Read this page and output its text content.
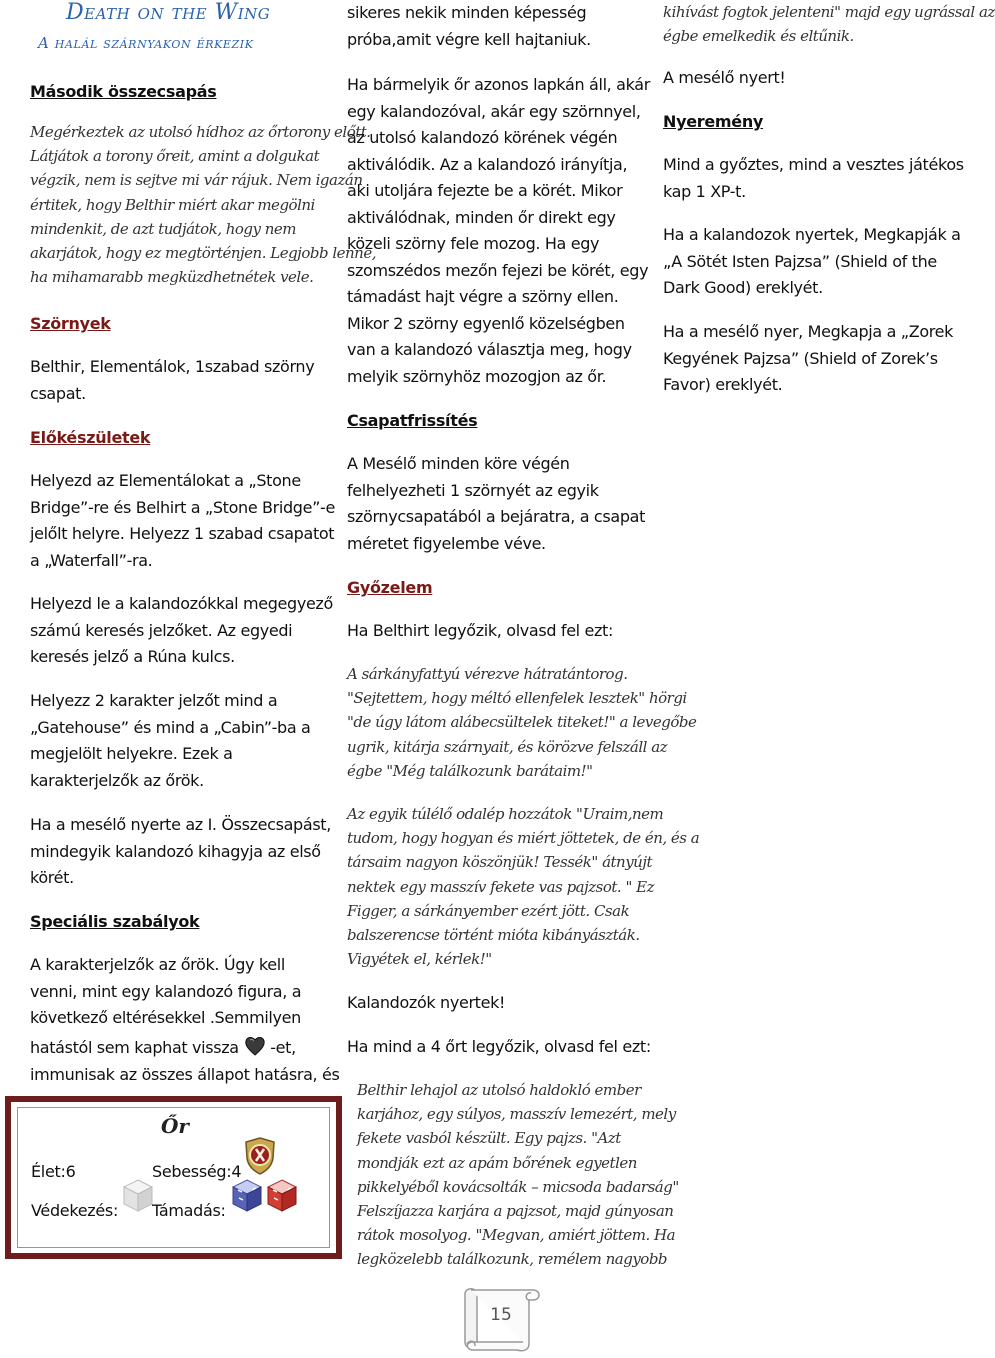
Death on the Wing
A halál szárnyakon érkezik
Második összecsapás
Megérkeztek az utolsó hídhoz az őrtorony előtt.
Látjátok a torony őreit, amint a dolgukat
végzik, nem is sejtve mi vár rájuk. Nem igazán
értitek, hogy Belthir miért akar megölni
mindenkit, de azt tudjátok, hogy nem
akarjátok, hogy ez megtörténjen. Legjobb lenne,
ha mihamarabb megküzdhetnétek vele.
Szörnyek
Belthir, Elementálok, 1szabad szörny
csapat.
Előkészületek
Helyezd az Elementálokat a „Stone
Bridge”-re és Belhirt a „Stone Bridge”-e
jelőlt helyre. Helyezz 1 szabad csapatot
a „Waterfall”-ra.
Helyezd le a kalandozókkal megegyező
számú keresés jelzőket. Az egyedi
keresés jelző a Rúna kulcs.
Helyezz 2 karakter jelzőt mind a
„Gatehouse” és mind a „Cabin”-ba a
megjelölt helyekre. Ezek a
karakterjelzők az őrök.
Ha a mesélő nyerte az I. Összecsapást,
mindegyik kalandozó kihagyja az első
körét.
Speciális szabályok
A karakterjelzők az őrök. Úgy kell
venni, mint egy kalandozó figura, a
következő eltérésekkel .Semmilyen
hatástól sem kaphat vissza -et,
immunisak az összes állapot hatásra, és
Őr
Élet:6	Sebesség:4
Védekezés: Támadás:
sikeres nekik minden képesség
próba,amit végre kell hajtaniuk.
Ha bármelyik őr azonos lapkán áll, akár
egy kalandozóval, akár egy szörnnyel,
az utolsó kalandozó körének végén
aktiválódik. Az a kalandozó irányítja,
aki utoljára fejezte be a körét. Mikor
aktiválódnak, minden őr direkt egy
közeli szörny fele mozog. Ha egy
szomszédos mezőn fejezi be körét, egy
támadást hajt végre a szörny ellen.
Mikor 2 szörny egyenlő közelségben
van a kalandozó választja meg, hogy
melyik szörnyhöz mozogjon az őr.
Csapatfrissítés
A Mesélő minden köre végén
felhelyezheti 1 szörnyét az egyik
szörnycsapatából a bejáratra, a csapat
méretet figyelembe véve.
Győzelem
Ha Belthirt legyőzik, olvasd fel ezt:
A sárkányfattyú vérezve hátratántorog.
"Sejtettem, hogy méltó ellenfelek lesztek" hörgi
"de úgy látom alábecsültelek titeket!" a levegőbe
ugrik, kitárja szárnyait, és körözve felszáll az
égbe "Még találkozunk barátaim!"
Az egyik túlélő odalép hozzátok "Uraim,nem
tudom, hogy hogyan és miért jöttetek, de én, és a
társaim nagyon köszönjük! Tessék" átnyújt
nektek egy masszív fekete vas pajzsot. " Ez
Figger, a sárkányember ezért jött. Csak
balszerencse történt mióta kibányászták.
Vigyétek el, kérlek!"
Kalandozók nyertek!
Ha mind a 4 őrt legyőzik, olvasd fel ezt:
Belthir lehajol az utolsó haldokló ember
karjához, egy súlyos, masszív lemezért, mely
fekete vasból készült. Egy pajzs. "Azt
mondják ezt az apám bőrének egyetlen
pikkelyéből kovácsolták – micsoda badarság"
Felszíjazza karjára a pajzsot, majd gúnyosan
rátok mosolyog. "Megvan, amiért jöttem. Ha
legközelebb találkozunk, remélem nagyobb
kihívást fogtok jelenteni" majd egy ugrással az
égbe emelkedik és eltűnik.
A mesélő nyert!
Nyeremény
Mind a győztes, mind a vesztes játékos
kap 1 XP-t.
Ha a kalandozok nyertek, Megkapják a
„A Sötét Isten Pajzsa” (Shield of the
Dark Good) ereklyét.
Ha a mesélő nyer, Megkapja a „Zorek
Kegyének Pajzsa” (Shield of Zorek’s
Favor) ereklyét.
15
